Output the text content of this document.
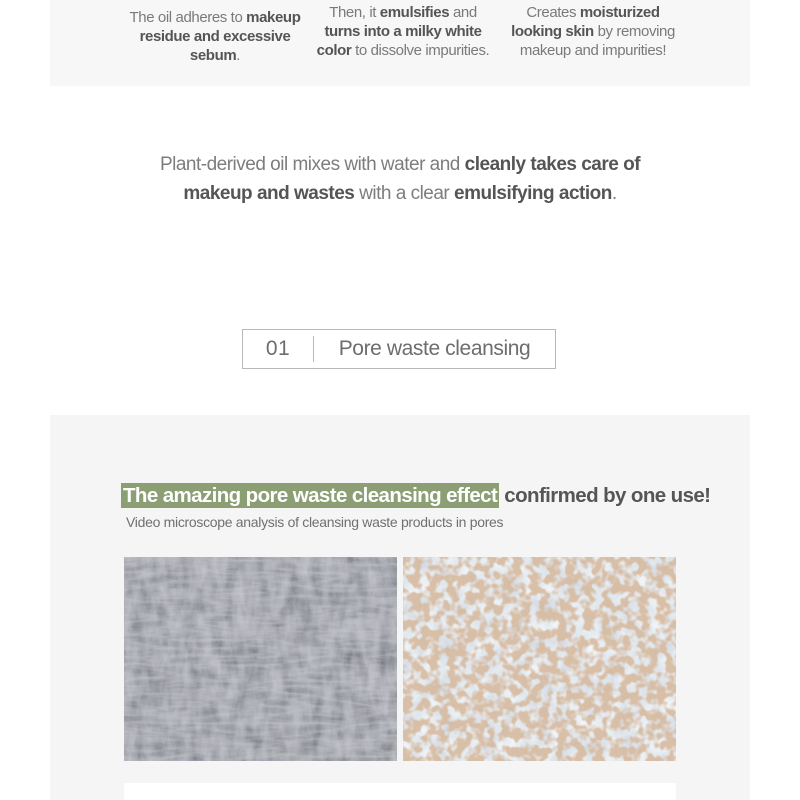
The oil adheres to makeup
residue and excessive sebum.
Then, it emulsifies and
turns into a milky white
color to dissolve impurities.
Creates moisturized
looking skin by removing
makeup and impurities!
Plant-derived oil mixes with water and cleanly takes care of
makeup and wastes with a clear emulsifying action.
01	Pore waste cleansing
The amazing pore waste cleansing effect confirmed by one use!
Video microscope analysis of cleansing waste products in pores
